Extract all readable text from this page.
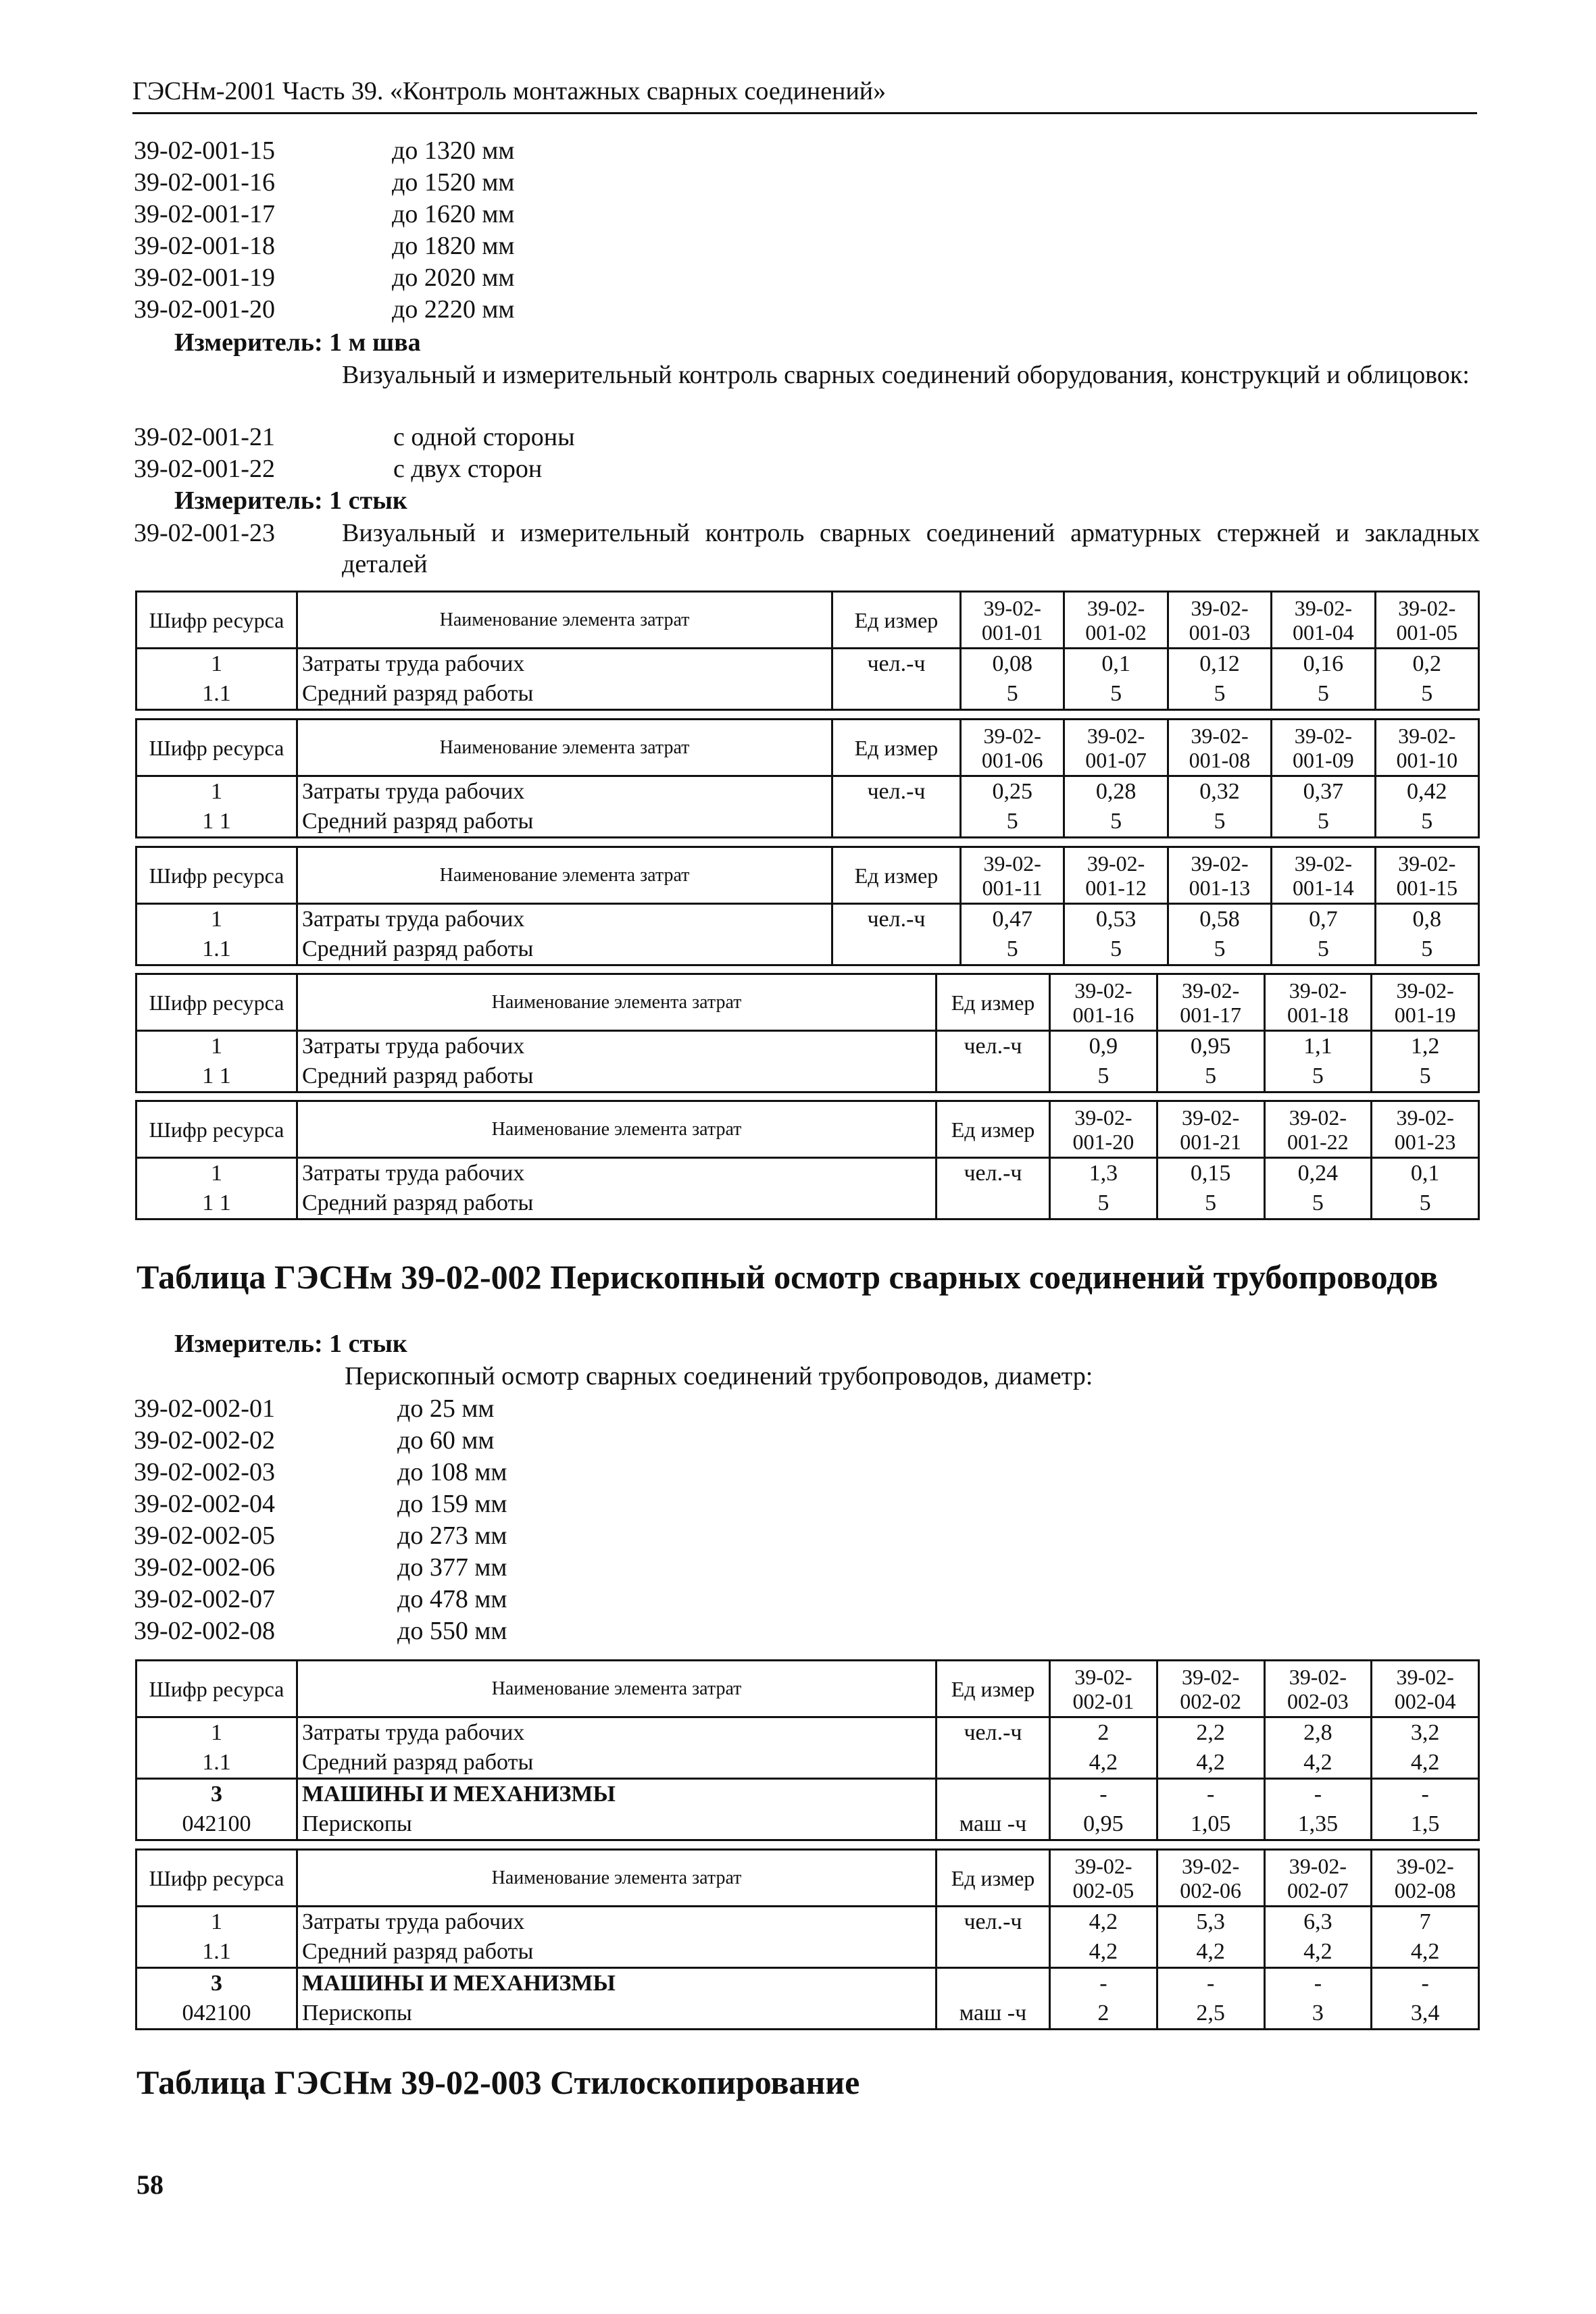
ГЭСНм-2001 Часть 39. «Контроль монтажных сварных соединений»
39-02-001-15	до 1320 мм
39-02-001-16	до 1520 мм
39-02-001-17	до 1620 мм
39-02-001-18	до 1820 мм
39-02-001-19	до 2020 мм
39-02-001-20	до 2220 мм
Измеритель: 1 м шва
Визуальный и измерительный контроль сварных соединений оборудования, конструкций и облицовок:
39-02-001-21	с одной стороны
39-02-001-22	с двух сторон
Измеритель: 1 стык
39-02-001-23	Визуальный и измерительный контроль сварных соединений арматурных стержней и закладных деталей
Шифр ресурса	Наименование элемента затрат	Ед измер	39-02-001-01	39-02-001-02	39-02-001-03	39-02-001-04	39-02-001-05
1	Затраты труда рабочих	чел.-ч	0,08	0,1	0,12	0,16	0,2
1.1	Средний разряд работы		5	5	5	5	5
Шифр ресурса	Наименование элемента затрат	Ед измер	39-02-001-06	39-02-001-07	39-02-001-08	39-02-001-09	39-02-001-10
1	Затраты труда рабочих	чел.-ч	0,25	0,28	0,32	0,37	0,42
1 1	Средний разряд работы		5	5	5	5	5
Шифр ресурса	Наименование элемента затрат	Ед измер	39-02-001-11	39-02-001-12	39-02-001-13	39-02-001-14	39-02-001-15
1	Затраты труда рабочих	чел.-ч	0,47	0,53	0,58	0,7	0,8
1.1	Средний разряд работы		5	5	5	5	5
Шифр ресурса	Наименование элемента затрат	Ед измер	39-02-001-16	39-02-001-17	39-02-001-18	39-02-001-19
1	Затраты труда рабочих	чел.-ч	0,9	0,95	1,1	1,2
1 1	Средний разряд работы		5	5	5	5
Шифр ресурса	Наименование элемента затрат	Ед измер	39-02-001-20	39-02-001-21	39-02-001-22	39-02-001-23
1	Затраты труда рабочих	чел.-ч	1,3	0,15	0,24	0,1
1 1	Средний разряд работы		5	5	5	5
Таблица ГЭСНм 39-02-002 Перископный осмотр сварных соединений трубопроводов
Измеритель: 1 стык
Перископный осмотр сварных соединений трубопроводов, диаметр:
39-02-002-01	до 25 мм
39-02-002-02	до 60 мм
39-02-002-03	до 108 мм
39-02-002-04	до 159 мм
39-02-002-05	до 273 мм
39-02-002-06	до 377 мм
39-02-002-07	до 478 мм
39-02-002-08	до 550 мм
Шифр ресурса	Наименование элемента затрат	Ед измер	39-02-002-01	39-02-002-02	39-02-002-03	39-02-002-04
1	Затраты труда рабочих	чел.-ч	2	2,2	2,8	3,2
1.1	Средний разряд работы		4,2	4,2	4,2	4,2
3	МАШИНЫ И МЕХАНИЗМЫ		-	-	-	-
042100	Перископы	маш -ч	0,95	1,05	1,35	1,5
Шифр ресурса	Наименование элемента затрат	Ед измер	39-02-002-05	39-02-002-06	39-02-002-07	39-02-002-08
1	Затраты труда рабочих	чел.-ч	4,2	5,3	6,3	7
1.1	Средний разряд работы		4,2	4,2	4,2	4,2
3	МАШИНЫ И МЕХАНИЗМЫ		-	-	-	-
042100	Перископы	маш -ч	2	2,5	3	3,4
Таблица ГЭСНм 39-02-003 Стилоскопирование
58
